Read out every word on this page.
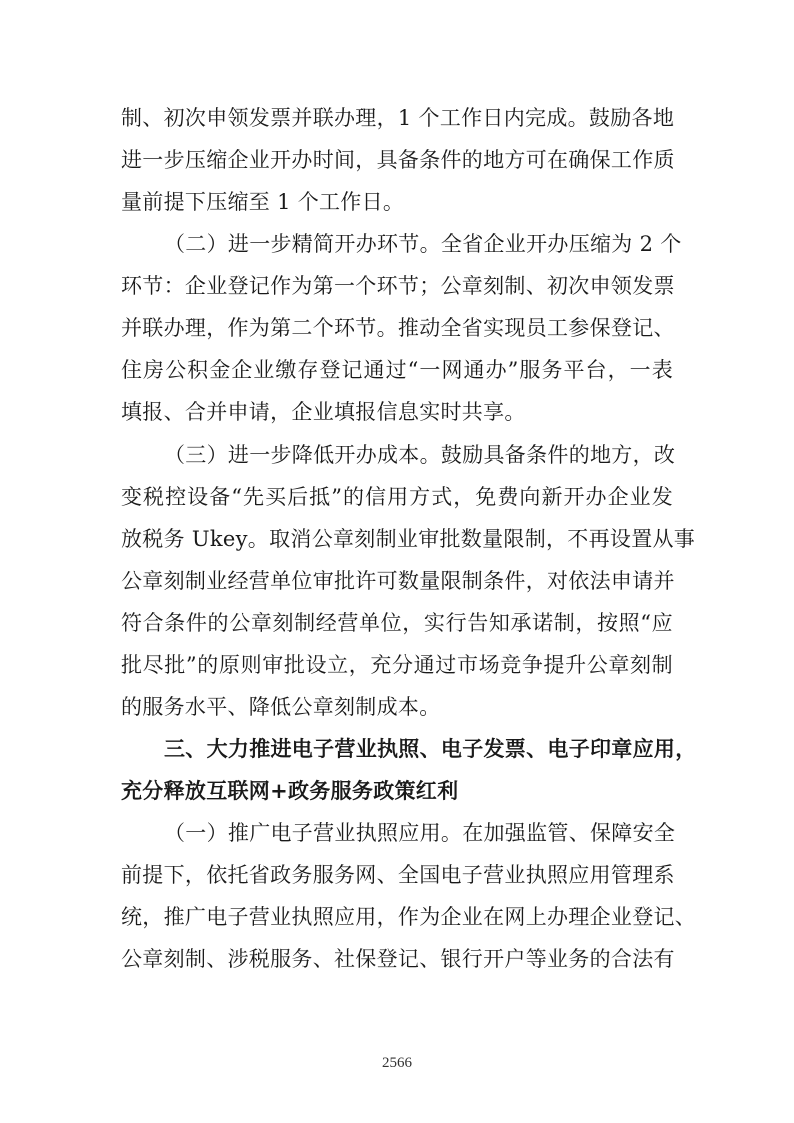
制、初次申领发票并联办理，1 个工作日内完成。鼓励各地
进一步压缩企业开办时间，具备条件的地方可在确保工作质
量前提下压缩至 1 个工作日。
（二）进一步精简开办环节。全省企业开办压缩为 2 个
环节：企业登记作为第一个环节；公章刻制、初次申领发票
并联办理，作为第二个环节。推动全省实现员工参保登记、
住房公积金企业缴存登记通过“一网通办”服务平台，一表
填报、合并申请，企业填报信息实时共享。
（三）进一步降低开办成本。鼓励具备条件的地方，改
变税控设备“先买后抵”的信用方式，免费向新开办企业发
放税务 Ukey。取消公章刻制业审批数量限制，不再设置从事
公章刻制业经营单位审批许可数量限制条件，对依法申请并
符合条件的公章刻制经营单位，实行告知承诺制，按照“应
批尽批”的原则审批设立，充分通过市场竞争提升公章刻制
的服务水平、降低公章刻制成本。
三、大力推进电子营业执照、电子发票、电子印章应用，
充分释放互联网+政务服务政策红利
（一）推广电子营业执照应用。在加强监管、保障安全
前提下，依托省政务服务网、全国电子营业执照应用管理系
统，推广电子营业执照应用，作为企业在网上办理企业登记、
公章刻制、涉税服务、社保登记、银行开户等业务的合法有
2566
